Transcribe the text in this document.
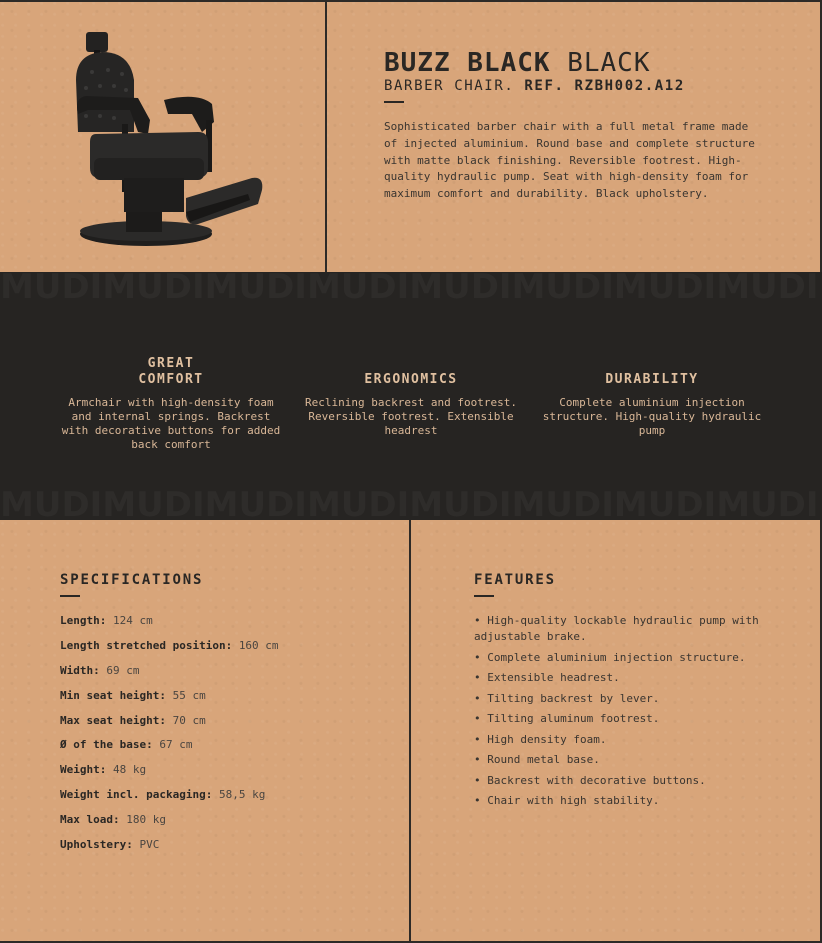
BUZZ BLACK BLACK
BARBER CHAIR. REF. RZBH002.A12
Sophisticated barber chair with a full metal frame made of injected aluminium. Round base and complete structure with matte black finishing. Reversible footrest. High-quality hydraulic pump. Seat with high-density foam for maximum comfort and durability. Black upholstery.
MUDIMUDIMUDIMUDIMUDIMUDIMUDIMUDI
MUDIMUDIMUDIMUDIMUDIMUDIMUDIMUDI
GREAT
COMFORT

Armchair with high-density foam and internal springs. Backrest with decorative buttons for added back comfort

ERGONOMICS

Reclining backrest and footrest. Reversible footrest. Extensible headrest

DURABILITY

Complete aluminium injection structure. High-quality hydraulic pump

SPECIFICATIONS
Length: 124 cm
Length stretched position: 160 cm
Width: 69 cm
Min seat height: 55 cm
Max seat height: 70 cm
Ø of the base: 67 cm
Weight: 48 kg
Weight incl. packaging: 58,5 kg
Max load: 180 kg
Upholstery: PVC
FEATURES
• High-quality lockable hydraulic pump with adjustable brake.
• Complete aluminium injection structure.
• Extensible headrest.
• Tilting backrest by lever.
• Tilting aluminum footrest.
• High density foam.
• Round metal base.
• Backrest with decorative buttons.
• Chair with high stability.
